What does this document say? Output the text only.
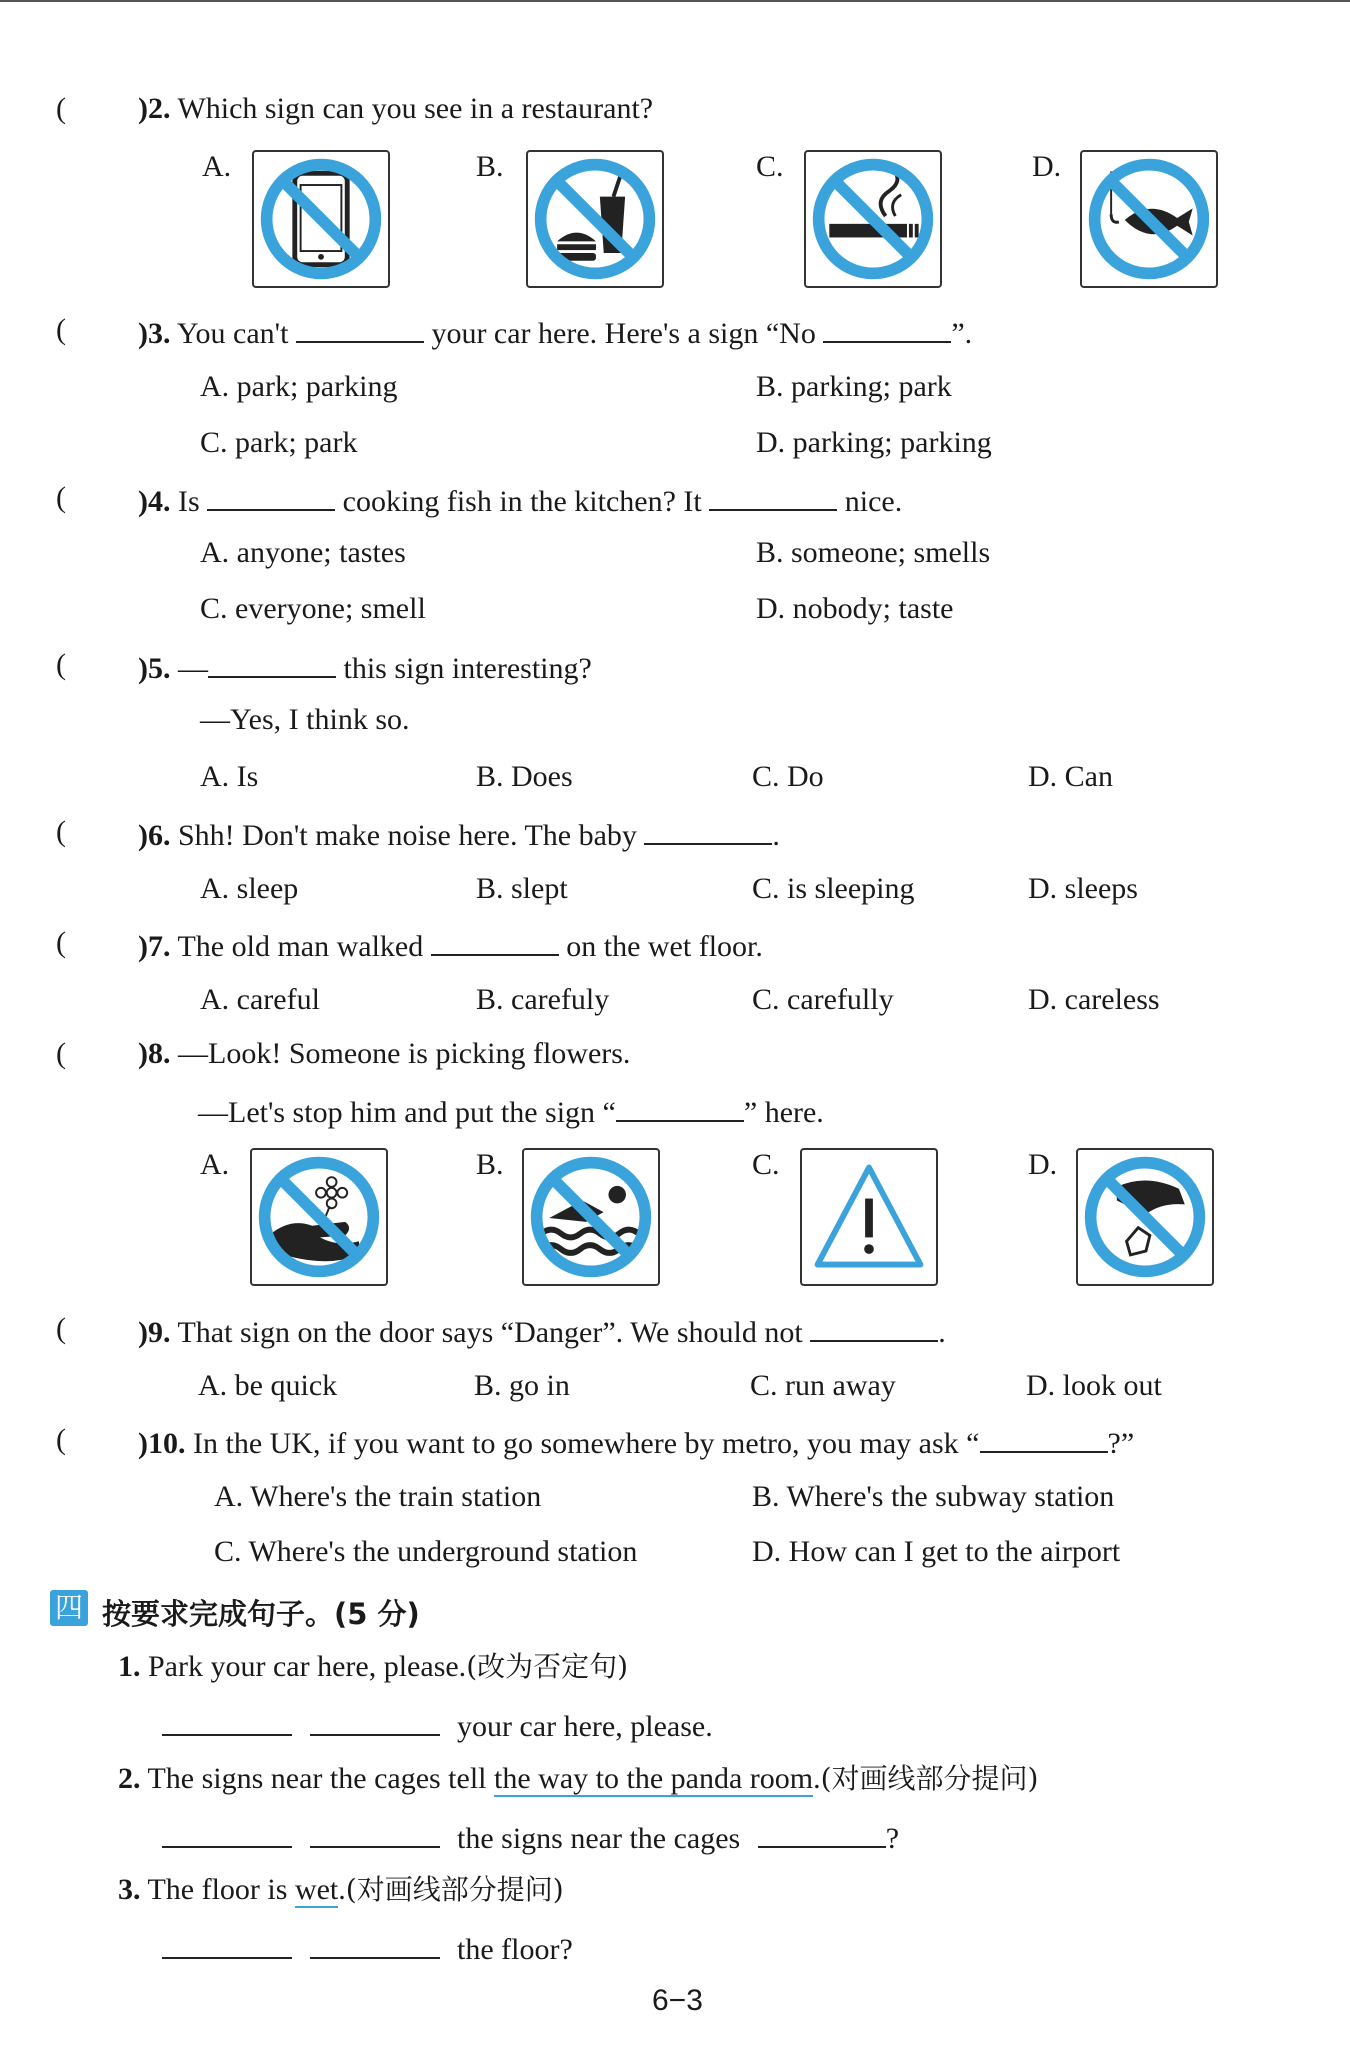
( )2. Which sign can you see in a restaurant?
A.	B.	C.	D.
( )3. You can't	your car here. Here's a sign “No	”.
A. park; parking	B. parking; park
C. park; park	D. parking; parking
( )4. Is	cooking fish in the kitchen? It	nice.
A. anyone; tastes	B. someone; smells
C. everyone; smell	D. nobody; taste
( )5. —	this sign interesting?
—Yes, I think so.
A. Is	B. Does	C. Do	D. Can
( )6. Shh! Don't make noise here. The baby	.
A. sleep	B. slept	C. is sleeping	D. sleeps
( )7. The old man walked	on the wet floor.
A. careful	B. carefuly	C. carefully	D. careless
( )8. —Look! Someone is picking flowers.
—Let's stop him and put the sign “	” here.
A.	B.	C.	D.
( )9. That sign on the door says “Danger”. We should not	.
A. be quick	B. go in	C. run away	D. look out
( )10. In the UK, if you want to go somewhere by metro, you may ask “	?”
A. Where's the train station	B. Where's the subway station
C. Where's the underground station	D. How can I get to the airport
四 按要求完成句子。(5 分)
1. Park your car here, please.(改为否定句)
your car here, please.
2. The signs near the cages tell the way to the panda room.(对画线部分提问)
the signs near the cages	?
3. The floor is wet.(对画线部分提问)
the floor?
6−3
